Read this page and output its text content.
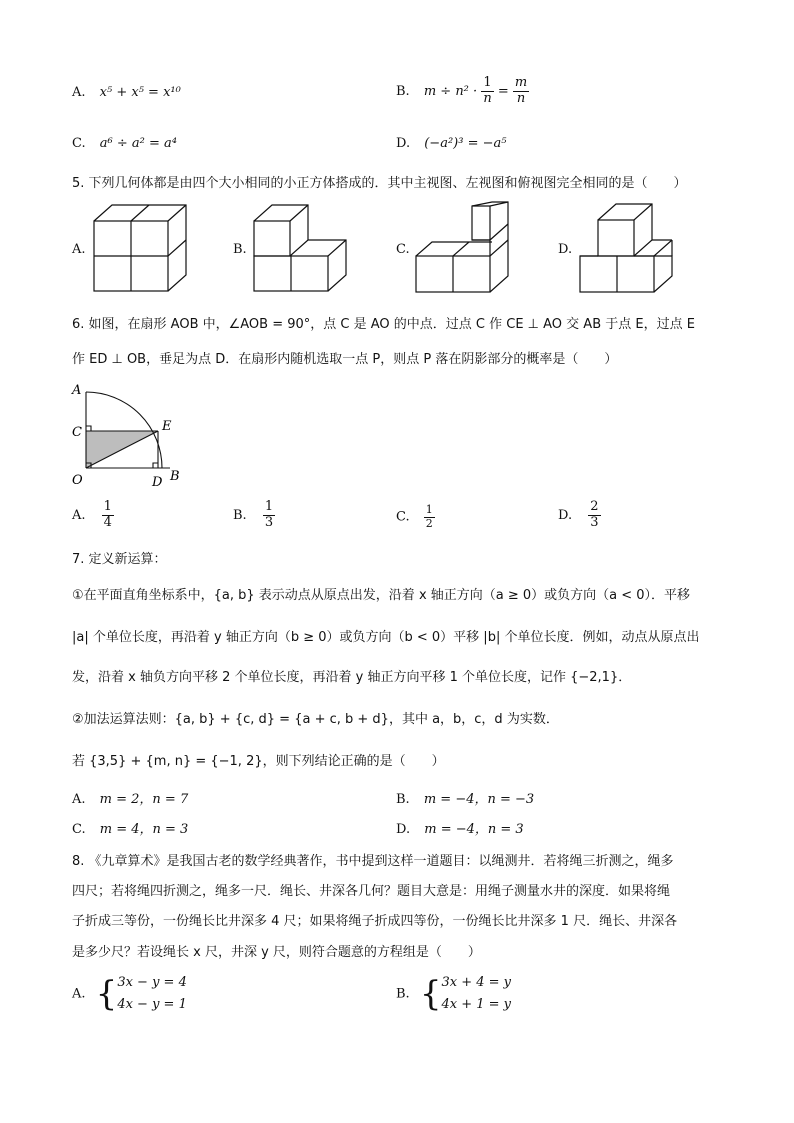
A. x⁵ + x⁵ = x¹⁰	B. $m \div n^2 \cdot \frac{1}{n} = \frac{m}{n}$
C. a⁶ ÷ a² = a⁴	D. (−a²)³ = −a⁵
5. 下列几何体都是由四个大小相同的小正方体搭成的．其中主视图、左视图和俯视图完全相同的是（　　）
A.	B.	C.	D.
6. 如图，在扇形 AOB 中，∠AOB = 90°，点 C 是 AO 的中点．过点 C 作 CE ⊥ AO 交 AB 于点 E，过点 E
作 ED ⊥ OB，垂足为点 D．在扇形内随机选取一点 P，则点 P 落在阴影部分的概率是（　　）
A
C	E
O	D B
A. $\frac{1}{4}$	B. $\frac{1}{3}$	C. $\frac{1}{2}$	D. $\frac{2}{3}$
7. 定义新运算：
①在平面直角坐标系中，{a, b} 表示动点从原点出发，沿着 x 轴正方向（a ≥ 0）或负方向（a < 0）．平移
|a| 个单位长度，再沿着 y 轴正方向（b ≥ 0）或负方向（b < 0）平移 |b| 个单位长度．例如，动点从原点出
发，沿着 x 轴负方向平移 2 个单位长度，再沿着 y 轴正方向平移 1 个单位长度，记作 {−2,1}．
②加法运算法则：{a, b} + {c, d} = {a + c, b + d}，其中 a，b，c，d 为实数．
若 {3,5} + {m, n} = {−1, 2}，则下列结论正确的是（　　）
A. m = 2，n = 7	B. m = −4，n = −3
C. m = 4，n = 3	D. m = −4，n = 3
8. 《九章算术》是我国古老的数学经典著作，书中提到这样一道题目：以绳测井．若将绳三折测之，绳多
四尺；若将绳四折测之，绳多一尺．绳长、井深各几何？题目大意是：用绳子测量水井的深度．如果将绳
子折成三等份，一份绳长比井深多 4 尺；如果将绳子折成四等份，一份绳长比井深多 1 尺．绳长、井深各
是多少尺？若设绳长 x 尺，井深 y 尺，则符合题意的方程组是（　　）
A. { 3x − y = 4
4x − y = 1
B. { 3x + 4 = y
4x + 1 = y
